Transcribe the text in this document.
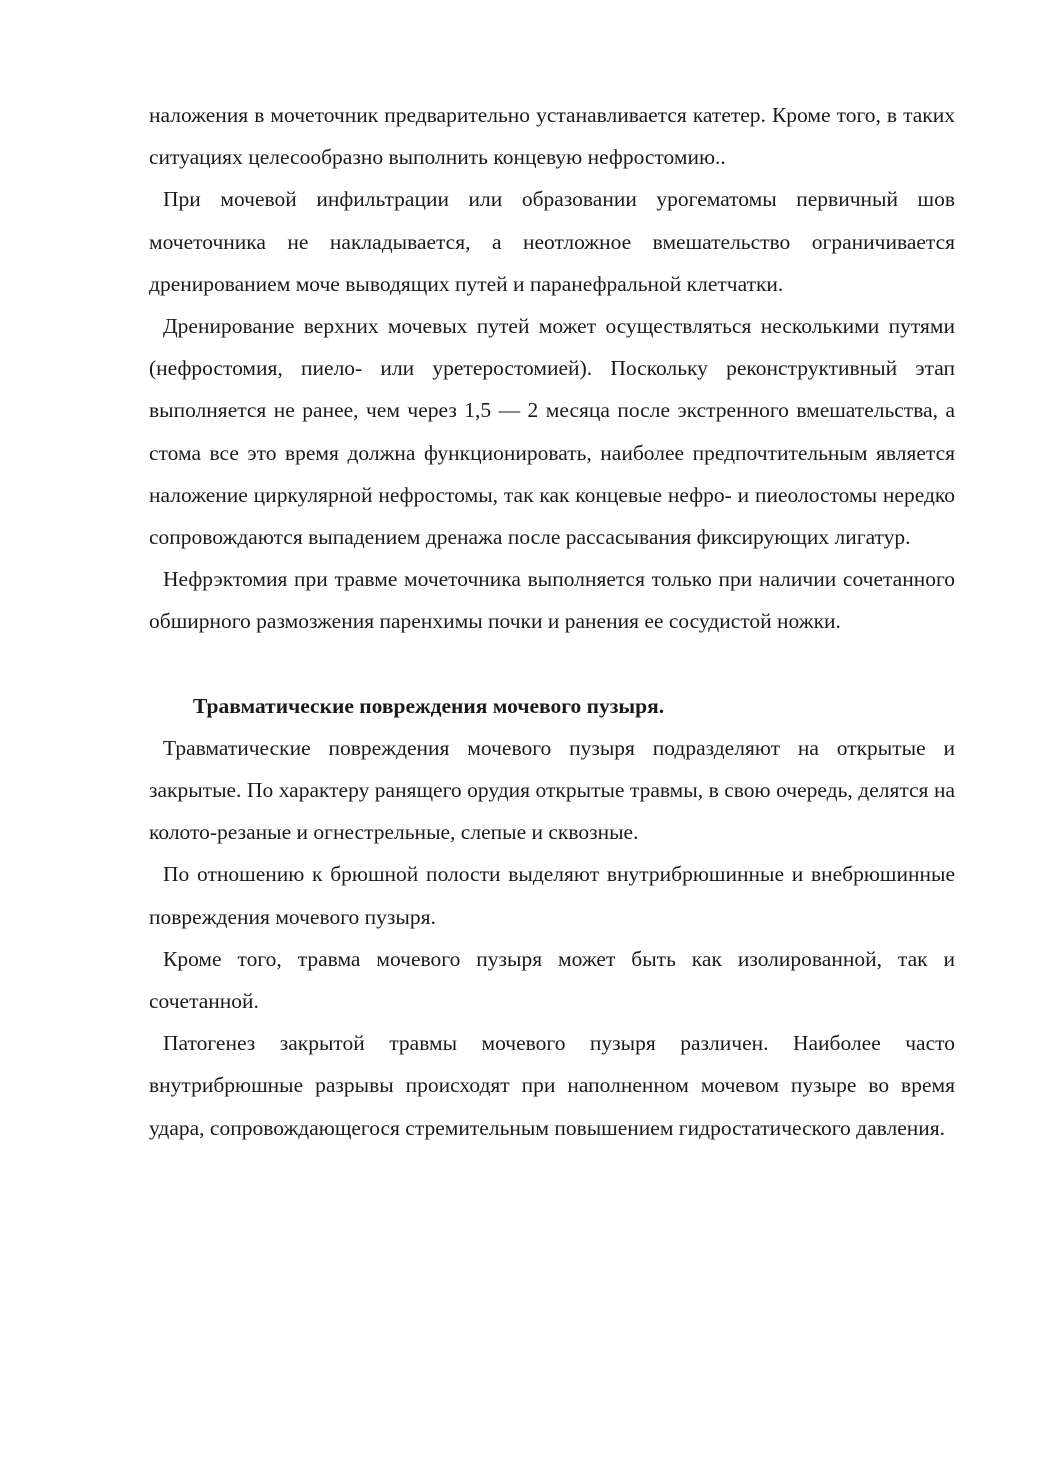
наложения в мочеточник предварительно устанавливается катетер. Кроме того, в таких ситуациях целесообразно выполнить концевую нефростомию..

При мочевой инфильтрации или образовании урогематомы первичный шов мочеточника не накладывается, а неотложное вмешательство ограничивается дренированием моче выводящих путей и паранефральной клетчатки.

Дренирование верхних мочевых путей может осуществляться несколькими путями (нефростомия, пиело- или уретеростомией). Поскольку реконструктивный этап выполняется не ранее, чем через 1,5 — 2 месяца после экстренного вмешательства, а стома все это время должна функционировать, наиболее предпочтительным является наложение циркулярной нефростомы, так как концевые нефро- и пиеолостомы нередко сопровождаются выпадением дренажа после рассасывания фиксирующих лигатур.

Нефрэктомия при травме мочеточника выполняется только при наличии сочетанного обширного размозжения паренхимы почки и ранения ее сосудистой ножки.

Травматические повреждения мочевого пузыря.

Травматические повреждения мочевого пузыря подразделяют на открытые и закрытые. По характеру ранящего орудия открытые травмы, в свою очередь, делятся на колото-резаные и огнестрельные, слепые и сквозные.

По отношению к брюшной полости выделяют внутрибрюшинные и внебрюшинные повреждения мочевого пузыря.

Кроме того, травма мочевого пузыря может быть как изолированной, так и сочетанной.

Патогенез закрытой травмы мочевого пузыря различен. Наиболее часто внутрибрюшные разрывы происходят при наполненном мочевом пузыре во время удара, сопровождающегося стремительным повышением гидростатического давления.
